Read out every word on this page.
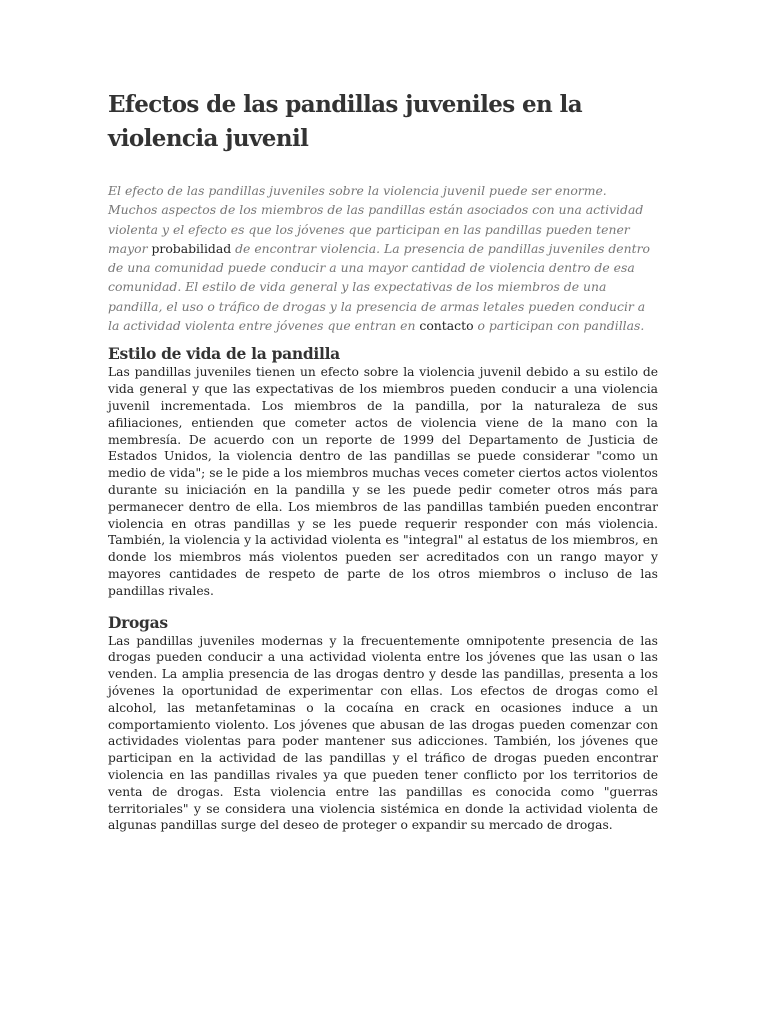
Efectos de las pandillas juveniles en la violencia juvenil

El efecto de las pandillas juveniles sobre la violencia juvenil puede ser enorme. Muchos aspectos de los miembros de las pandillas están asociados con una actividad violenta y el efecto es que los jóvenes que participan en las pandillas pueden tener mayor probabilidad de encontrar violencia. La presencia de pandillas juveniles dentro de una comunidad puede conducir a una mayor cantidad de violencia dentro de esa comunidad. El estilo de vida general y las expectativas de los miembros de una pandilla, el uso o tráfico de drogas y la presencia de armas letales pueden conducir a la actividad violenta entre jóvenes que entran en contacto o participan con pandillas.

Estilo de vida de la pandilla

Las pandillas juveniles tienen un efecto sobre la violencia juvenil debido a su estilo de vida general y que las expectativas de los miembros pueden conducir a una violencia juvenil incrementada. Los miembros de la pandilla, por la naturaleza de sus afiliaciones, entienden que cometer actos de violencia viene de la mano con la membresía. De acuerdo con un reporte de 1999 del Departamento de Justicia de Estados Unidos, la violencia dentro de las pandillas se puede considerar "como un medio de vida"; se le pide a los miembros muchas veces cometer ciertos actos violentos durante su iniciación en la pandilla y se les puede pedir cometer otros más para permanecer dentro de ella. Los miembros de las pandillas también pueden encontrar violencia en otras pandillas y se les puede requerir responder con más violencia. También, la violencia y la actividad violenta es "integral" al estatus de los miembros, en donde los miembros más violentos pueden ser acreditados con un rango mayor y mayores cantidades de respeto de parte de los otros miembros o incluso de las pandillas rivales.

Drogas

Las pandillas juveniles modernas y la frecuentemente omnipotente presencia de las drogas pueden conducir a una actividad violenta entre los jóvenes que las usan o las venden. La amplia presencia de las drogas dentro y desde las pandillas, presenta a los jóvenes la oportunidad de experimentar con ellas. Los efectos de drogas como el alcohol, las metanfetaminas o la cocaína en crack en ocasiones induce a un comportamiento violento. Los jóvenes que abusan de las drogas pueden comenzar con actividades violentas para poder mantener sus adicciones. También, los jóvenes que participan en la actividad de las pandillas y el tráfico de drogas pueden encontrar violencia en las pandillas rivales ya que pueden tener conflicto por los territorios de venta de drogas. Esta violencia entre las pandillas es conocida como "guerras territoriales" y se considera una violencia sistémica en donde la actividad violenta de algunas pandillas surge del deseo de proteger o expandir su mercado de drogas.
